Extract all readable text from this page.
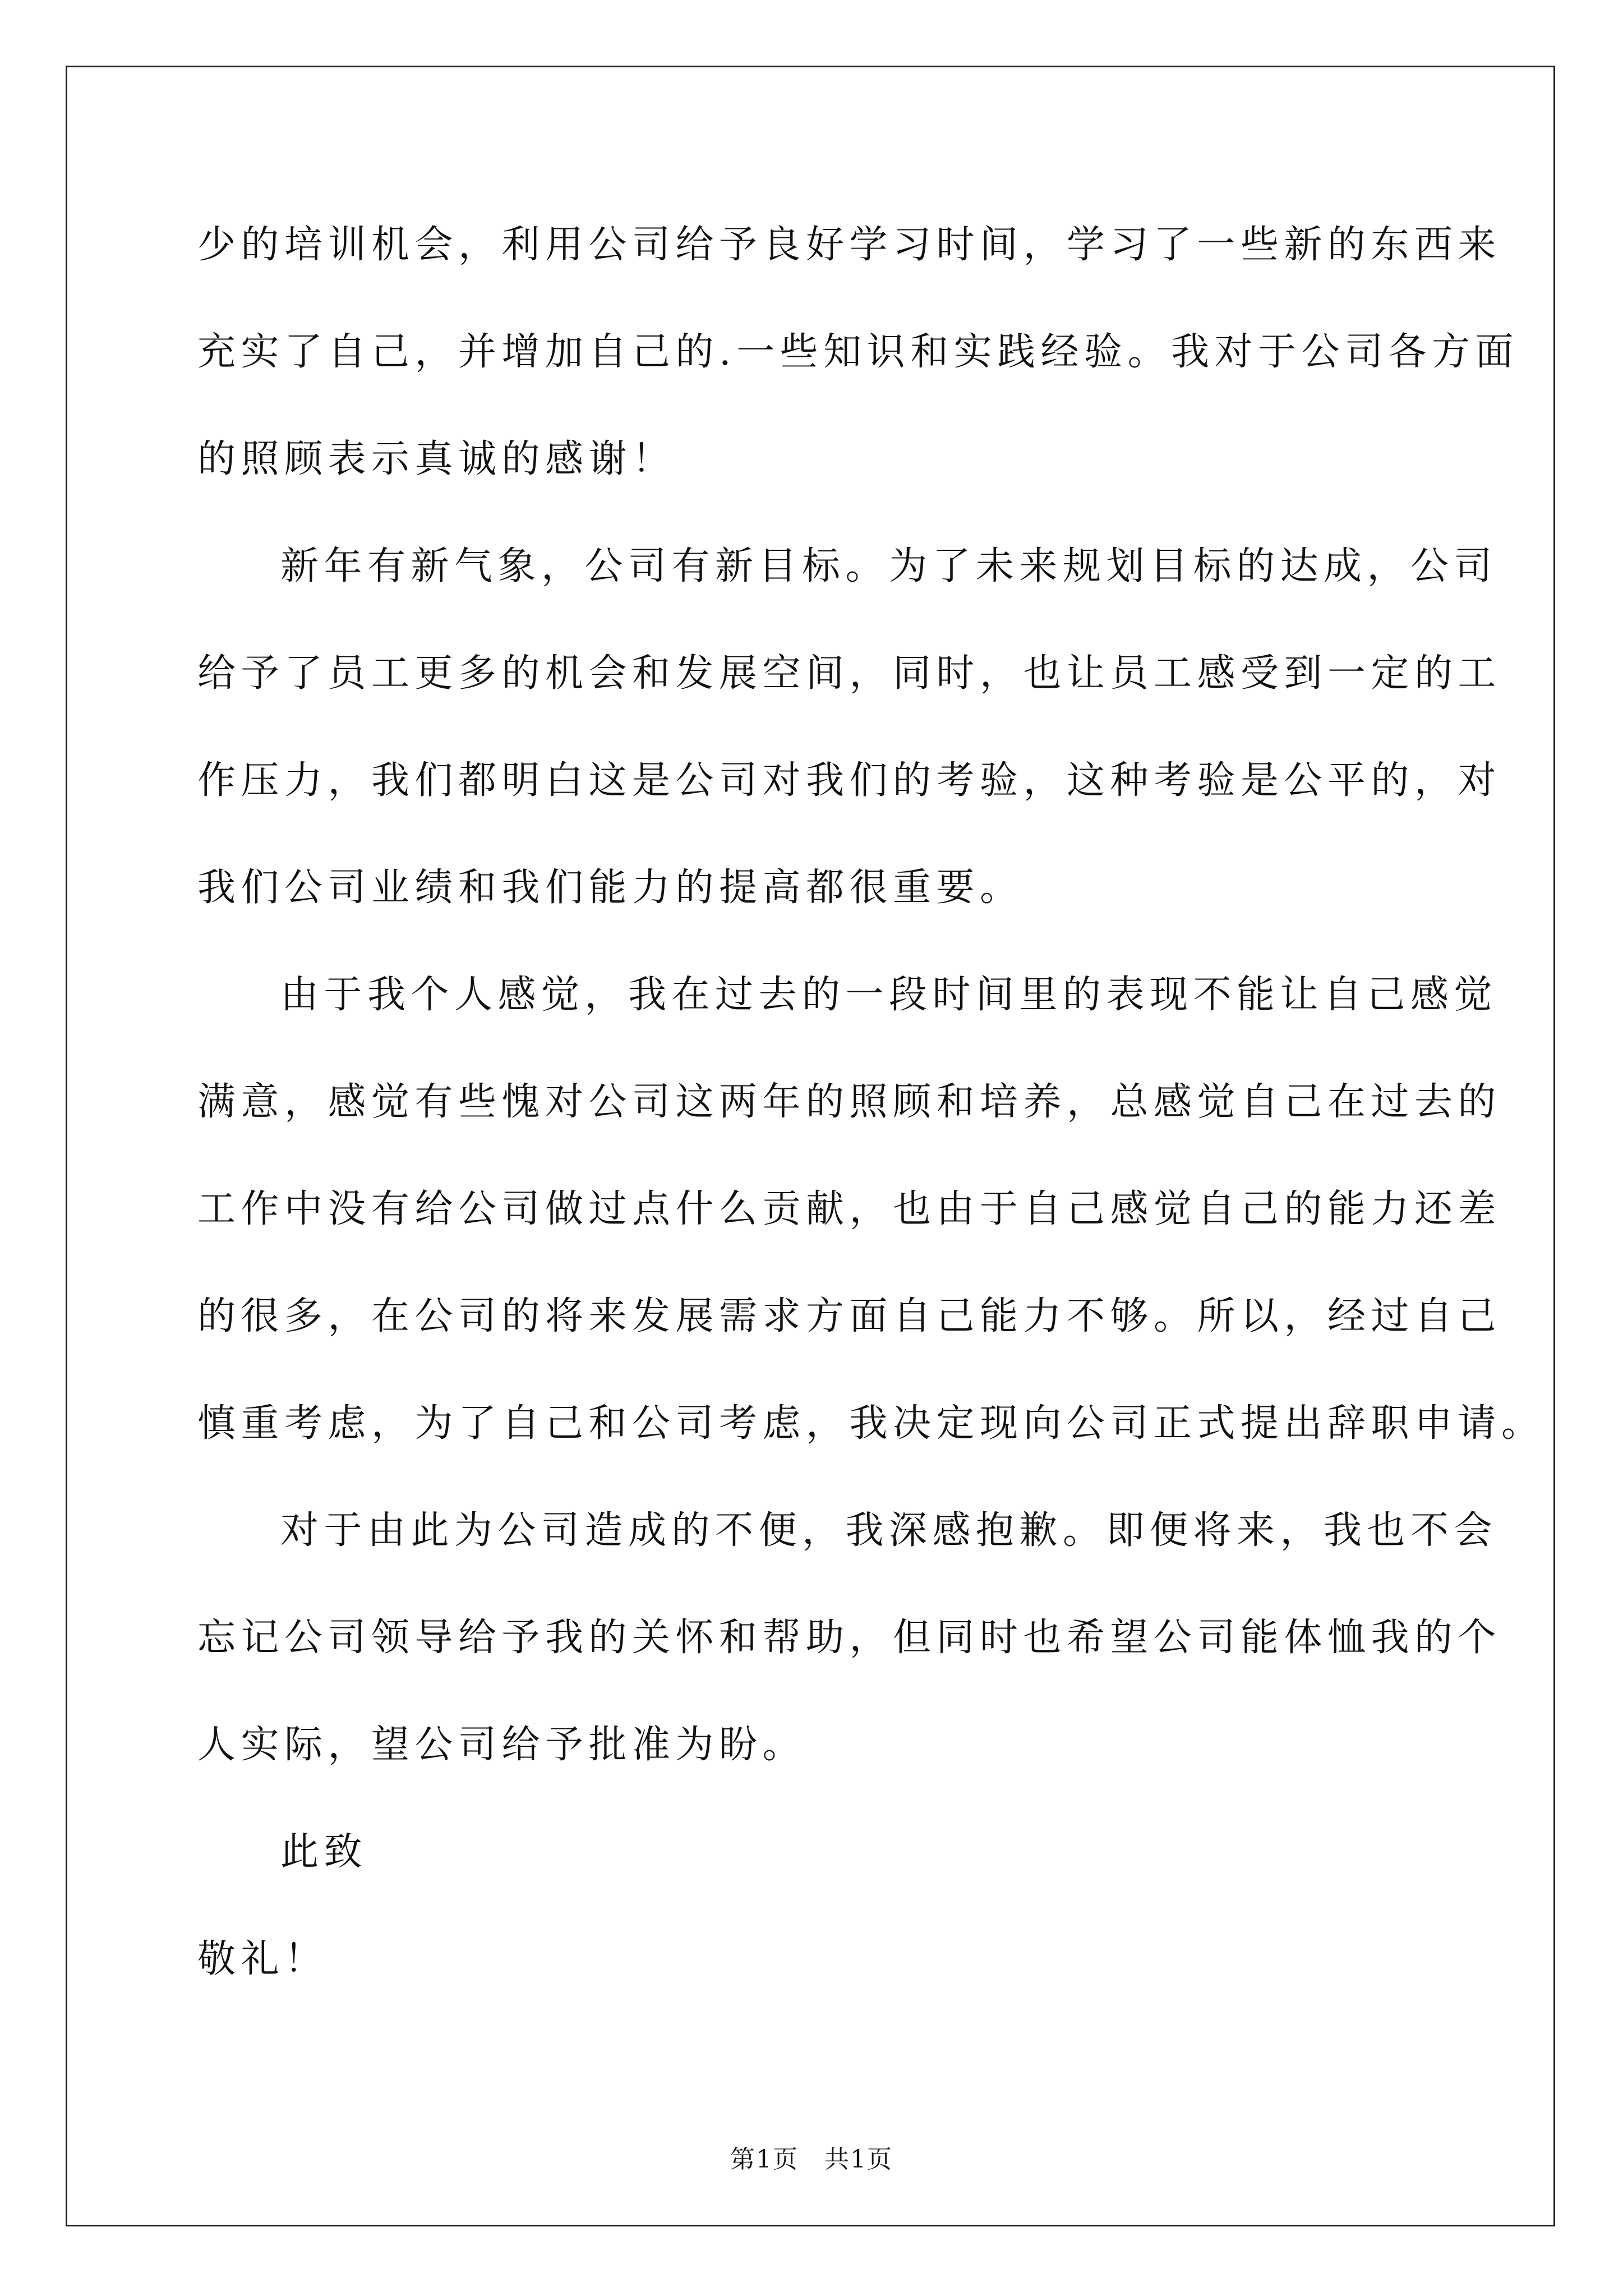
少的培训机会，利用公司给予良好学习时间，学习了一些新的东西来
充实了自己，并增加自己的.一些知识和实践经验。我对于公司各方面
的照顾表示真诚的感谢！
新年有新气象，公司有新目标。为了未来规划目标的达成，公司
给予了员工更多的机会和发展空间，同时，也让员工感受到一定的工
作压力，我们都明白这是公司对我们的考验，这种考验是公平的，对
我们公司业绩和我们能力的提高都很重要。
由于我个人感觉，我在过去的一段时间里的表现不能让自己感觉
满意，感觉有些愧对公司这两年的照顾和培养，总感觉自己在过去的
工作中没有给公司做过点什么贡献，也由于自己感觉自己的能力还差
的很多，在公司的将来发展需求方面自己能力不够。所以，经过自己
慎重考虑，为了自己和公司考虑，我决定现向公司正式提出辞职申请。
对于由此为公司造成的不便，我深感抱歉。即便将来，我也不会
忘记公司领导给予我的关怀和帮助，但同时也希望公司能体恤我的个
人实际，望公司给予批准为盼。
此致
敬礼！
第1页　共1页
